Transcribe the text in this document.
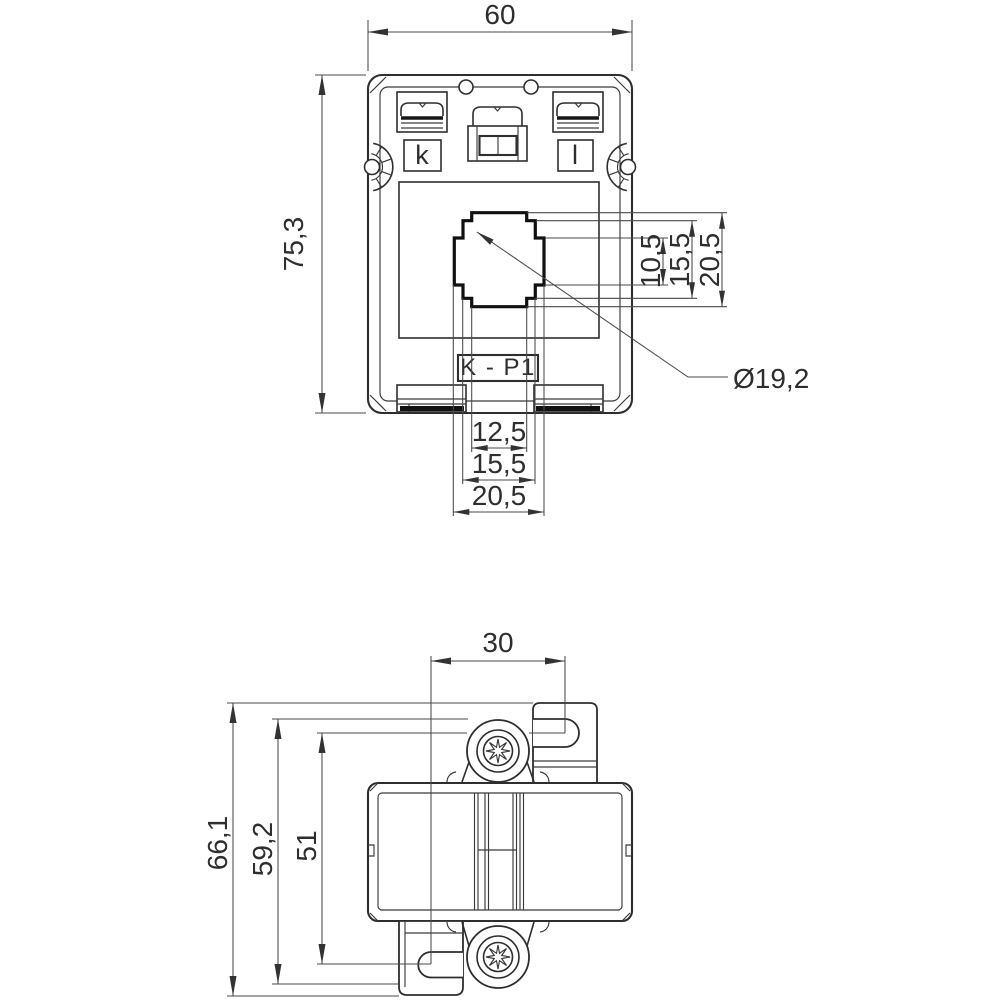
k	l
K - P1
60
75,3	10,5
15,5 20,5
12,5
15,5
20,5
Ø19,2
30
66,1 59,2 51
